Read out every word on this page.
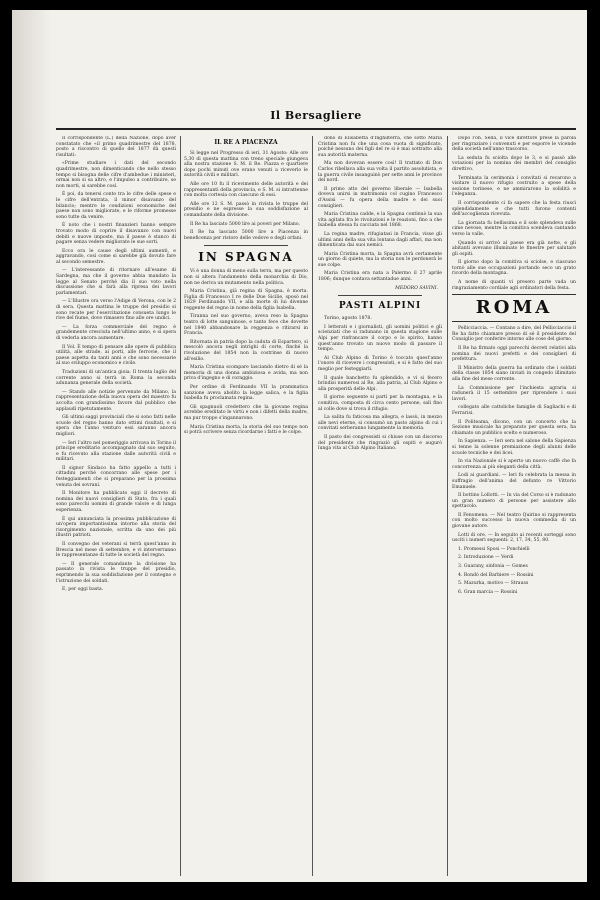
Il Bersagliere

Il corrispondente (L.) della Nazione, dopo aver constatato che «il primo quadrimestre del 1878, posto a riscontro di quello del 1877 dà questi risultati:

«Prime studiare i dati del secondo quadrimestre, non dimenticando che nello stesso tempo si bisogna delle cifre d'ambedue i ministeri, ormai non si sa altro, e l'impulso a contribuire, se non morti, si sarebbe così.

È poi, da tenersi conto tra le cifre delle spese e le cifre dell'entrata, il minor disavanzo del bilancio; mentre le condizioni economiche del paese non sono migliorate, e le riforme promesse sono tutte da venire.

È noto che i nostri finanzieri hanno sempre trovato modo di coprire il disavanzo con nuovi debiti e nuove imposte, ma il paese è stanco di pagare senza vedere migliorate le sue sorti.

Ecco ora le cause degli ultimi aumenti, e aggravando, così come si sarebbe già dovuto fare al secondo semestre.

— L'interessante di ritornare all'esame di Sardegna, ma che il governo abbia mandato la legge al Senato perché dia il suo voto nella discussione che si farà alla ripresa dei lavori parlamentari.

— L'Illustre ora verso l'Adige di Verona, con le 2 di sera. Questa mattina le truppe del presidio si sono recate per l'esercitazione consueta lungo le rive del fiume, dove rimasero fino alle ore undici.

— La forza commerciale del regno è grandemente cresciuta nell'ultimo anno, e si spera di vederla ancora aumentare.

Il Vol. È tempo di pensare alle opere di pubblica utilità, alle strade, ai porti, alle ferrovie, che il paese aspetta da tanti anni e che sono necessarie al suo sviluppo economico e civile.

Traduzioni di un'antica gioia. Il trenta luglio del corrente anno si terrà in Roma la seconda adunanza generale della società.

— Stando alle notizie pervenute da Milano, la rappresentazione della nuova opera del maestro fu accolta con grandissimo favore dal pubblico che applaudì ripetutamente.

Gli ultimi saggi provinciali che si sono fatti nelle scuole del regno hanno dato ottimi risultati, e si spera che l'anno venturo essi saranno ancora migliori.

— Ieri l'altro nel pomeriggio arrivava in Torino il principe ereditario accompagnato dal suo seguito, e fu ricevuto alla stazione dalle autorità civili e militari.

Il signor Sindaco ha fatto appello a tutti i cittadini perché concorrano alle spese per i festeggiamenti che si preparano per la prossima venuta dei sovrani.

Il Monitore ha pubblicato oggi il decreto di nomina dei nuovi consiglieri di Stato, fra i quali sono parecchi uomini di grande valore e di lunga esperienza.

È qui annunciata la prossima pubblicazione di un'opera importantissima intorno alla storia del risorgimento nazionale, scritta da uno dei più illustri patrioti.

Il convegno dei veterani si terrà quest'anno in Brescia nel mese di settembre, e vi interverranno le rappresentanze di tutte le società del regno.

— Il generale comandante la divisione ha passato in rivista le truppe del presidio, esprimendo la sua soddisfazione per il contegno e l'istruzione dei soldati.

E, per oggi basta.

IL RE A PIACENZA

Si legge nel Progresso di ieri, 31 Agosto: Alle ore 5,30 di questa mattina con treno speciale giungeva alla nostra stazione S. M. il Re. Piazza e quartiere dopo pochi minuti ove erano venuti a riceverlo le autorità civili e militari.

Alle ore 10 fu il ricevimento delle autorità e dei rappresentanti della provincia, e S. M. si intrattenne con molta cortesia con ciascuno di essi.

Alle ore 12 S. M. passò in rivista le truppe del presidio e ne espresse la sua soddisfazione al comandante della divisione.

Il Re ha lasciato 5000 lire ai poveri per Milano.

Il Re ha lasciato 5000 lire a Piacenza in beneficenza per ristoro delle vedove e degli orfani.

IN SPAGNA

Vi è una donna di meno sulla terra, ma per questo non si altera l'andamento della monarchia di Dio, non ne deriva un mutamento nella politica.

Maria Cristina, già regina di Spagna, è morta. Figlia di Francesco I re delle Due Sicilie, sposò nel 1829 Ferdinando VII, e alla morte di lui divenne reggente del regno in nome della figlia Isabella.

Tiranna nel suo governo, aveva reso la Spagna teatro di lotte sanguinose, e tanto fece che dovette nel 1840 abbandonare la reggenza e ritirarsi in Francia.

Ritornata in patria dopo la caduta di Espartero, si mescolò ancora negli intrighi di corte, finché la rivoluzione del 1854 non la costrinse di nuovo all'esilio.

Maria Cristina scompare lasciando dietro di sé la memoria di una donna ambiziosa e avida, ma non priva d'ingegno e di coraggio.

Per ordine di Ferdinando VII la prammatica sanzione aveva abolito la legge salica, e la figlia Isabella fu proclamata regina.

Gli spagnuoli credettero che la giovane regina avrebbe ereditato le virtù e non i difetti della madre, ma pur troppo s'ingannarono.

Maria Cristina morta, la storia del suo tempo non si potrà scrivere senza ricordarne i fatti e le colpe.

dono di Elisabetta d'Inghilterra, che sotto Maria Cristina non fu che una cosa vuota di significato, poiché nessuno dei figli del re si è mai sottratto alla sua autorità materna.

Ma non dovevan essere così! Il trattato di Don Carlos ribellava alla sua volta il partito assolutista, e la guerra civile insanguinò per sette anni le province del nord.

Il primo atto del governo liberale — Isabella doveva unirsi in matrimonio col cugino Francesco d'Assisi — fu opera della madre e dei suoi consiglieri.

Maria Cristina cadde, e la Spagna continuò la sua vita agitata fra le rivoluzioni e le reazioni, fino a che Isabella stessa fu cacciata nel 1868.

La regina madre, rifugiatasi in Francia, visse gli ultimi anni della sua vita lontana dagli affari, ma non dimenticata dai suoi nemici.

Maria Cristina morta, la Spagna avrà certamente un giorno di quiete, ma la storia non le perdonerà le sue colpe.

Maria Cristina era nata a Palermo il 27 aprile 1806; dunque contava settantadue anni.

MEDORO SAVINI.
PASTI ALPINI

Torino, agosto 1878.

I letterati e i giornalisti, gli uomini politici e gli scienziati che si radunano in questa stagione sulle Alpi per rinfrancare il corpo e lo spirito, hanno quest'anno trovato un nuovo modo di passare il tempo.

Al Club Alpino di Torino è toccato quest'anno l'onore di ricevere i congressisti, e si è fatto del suo meglio per festeggiarli.

Il quale banchetto fu splendido, e vi si fecero brindisi numerosi al Re, alla patria, al Club Alpino e alla prosperità delle Alpi.

Il giorno seguente si partì per la montagna, e la comitiva, composta di circa cento persone, salì fino al colle dove si trova il rifugio.

La salita fu faticosa ma allegra, e lassù, in mezzo alle nevi eterne, si consumò un pasto alpino di cui i convitati serberanno lungamente la memoria.

Il pasto dei congressisti si chiuse con un discorso del presidente che ringraziò gli ospiti e augurò lunga vita al Club Alpino Italiano.

Dopo l'on. Sella, il vice direttore prese la parola per ringraziare i convenuti e per esporre le vicende della società nell'anno trascorso.

La seduta fu sciolta dopo le 3, e si passò alle votazioni per la nomina dei membri del consiglio direttivo.

Terminata la cerimonia i convitati si recarono a visitare il nuovo rifugio costruito a spese della sezione torinese, e ne ammirarono la solidità e l'eleganza.

Il corrispondente ci fa sapere che la festa riuscì splendidamente e che tutti furono contenti dell'accoglienza ricevuta.

La giornata fu bellissima e il sole splendeva sulle cime nevose, mentre la comitiva scendeva cantando verso la valle.

Quando si arrivò al paese era già notte, e gli abitanti avevano illuminato le finestre per salutare gli ospiti.

Il giorno dopo la comitiva si sciolse, e ciascuno tornò alle sue occupazioni portando seco un grato ricordo della montagna.

A nome di quanti vi presero parte vada un ringraziamento cordiale agli ordinatori della festa.

ROMA

Pellicciaccia. — Contano a dire, del Pellicciaccio il Re ha fatto chiamare presso di sé il presidente del Consiglio per conferire intorno alle cose del giorno.

Il Re ha firmato oggi parecchi decreti relativi alla nomina dei nuovi prefetti e dei consiglieri di prefettura.

Il Ministro della guerra ha ordinato che i soldati della classe 1854 siano inviati in congedo illimitato alla fine del mese corrente.

La Commissione per l'inchiesta agraria si radunerà il 15 settembre per riprendere i suoi lavori.

collegato alle cattoliche famiglie di Sagliachi e di Ferrarisi.

Il Politeama, dicono, con un concerto che la Sezione musicale ha preparato per questa sera, ha chiamato un pubblico scelto e numeroso.

In Sapienza. — Ieri sera nel salone della Sapienza si tenne la solenne premiazione degli alunni delle scuole tecniche e dei licei.

In via Nazionale si è aperto un nuovo caffè che fa concorrenza ai più eleganti della città.

Lodi ai guardiani. — Ieri fu celebrata la messa in suffragio dell'anima del defunto re Vittorio Emanuele.

Il bottino Lollotti. — In via del Corso si è radunato un gran numero di persone per assistere allo spettacolo.

Il Fenomeno. — Nel teatro Quirino si rappresenta con molto successo la nuova commedia di un giovane autore.

Lotti di ore. — In seguito ai recenti sorteggi sono usciti i numeri seguenti: 2, 17, 34, 55, 80.

1. Promessi Sposi — Ponchielli

2. Introduzione — Verdi

3. Guarany, sinfonia — Gomes

4. Rondò del Barbiere — Rossini

5. Mazurka, motivo — Strauss

6. Gran marcia — Rossini
